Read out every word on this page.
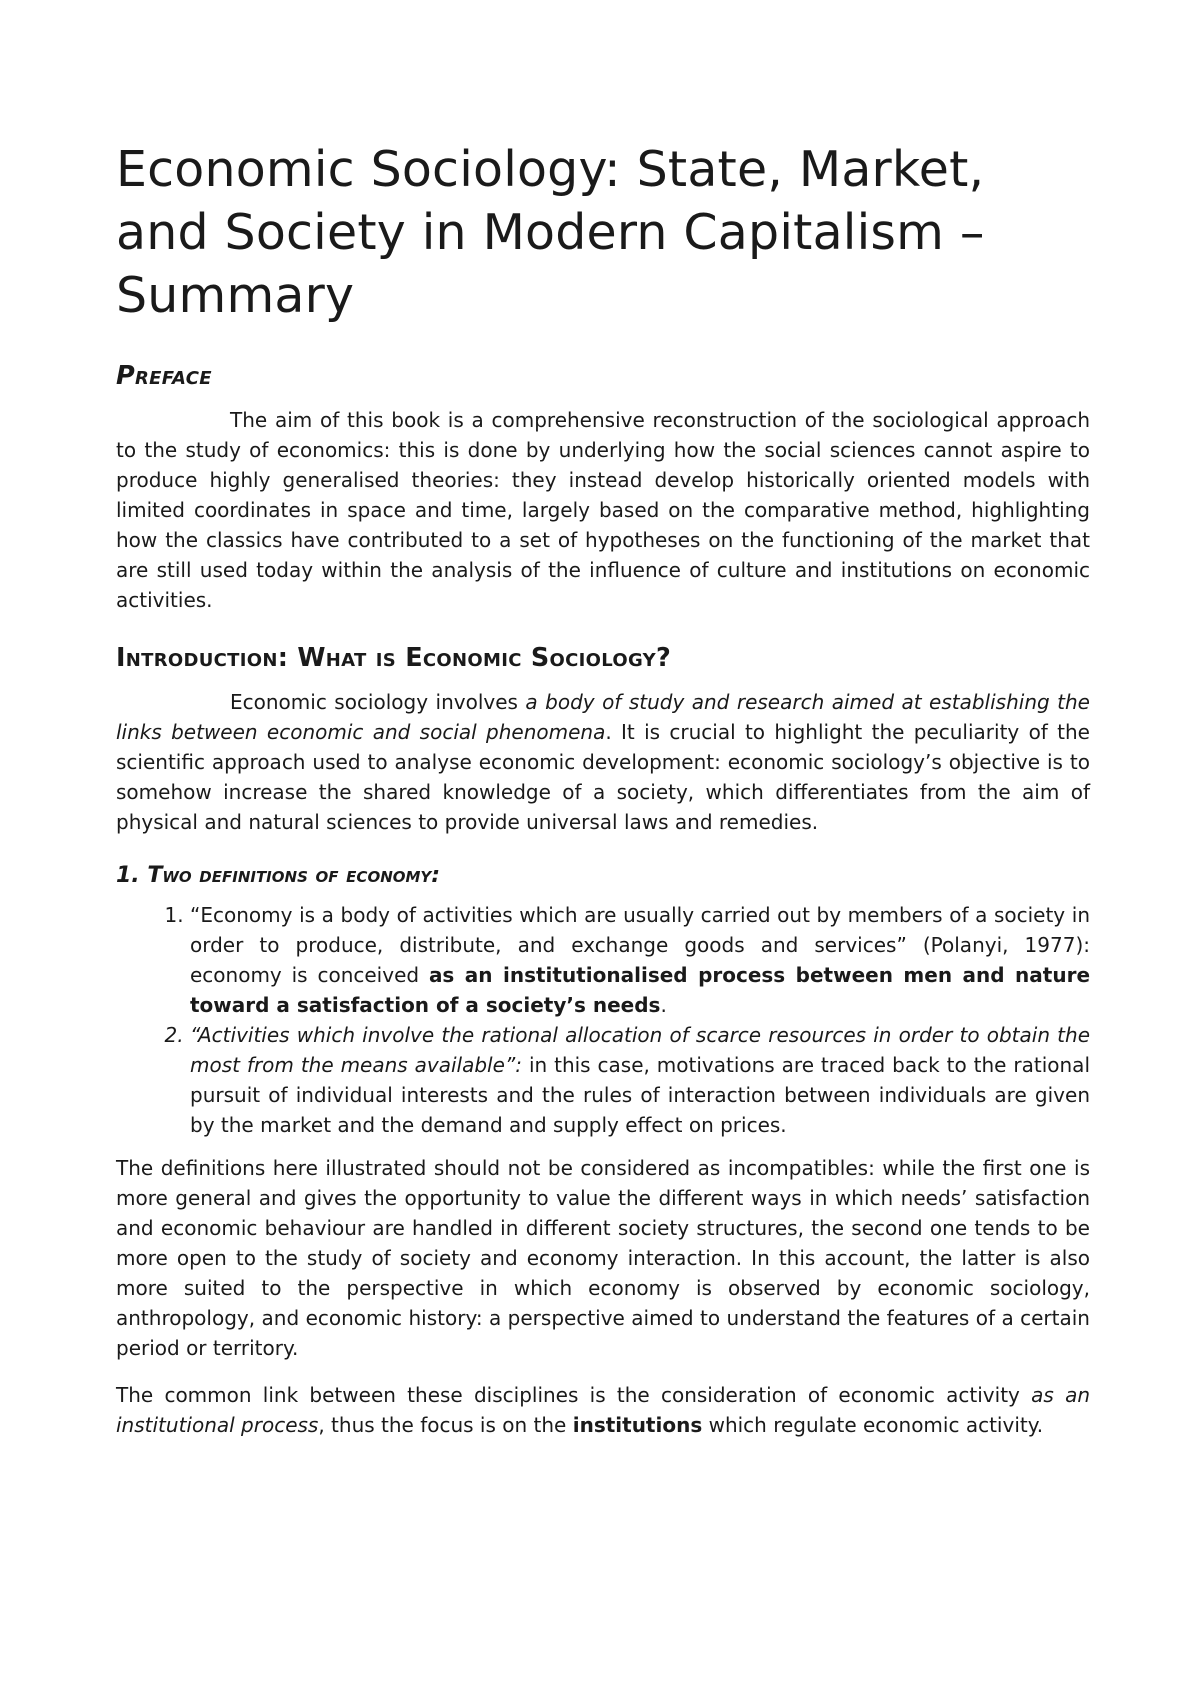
Economic Sociology: State, Market, and Society in Modern Capitalism – Summary
Preface

The aim of this book is a comprehensive reconstruction of the sociological approach to the study of economics: this is done by underlying how the social sciences cannot aspire to produce highly generalised theories: they instead develop historically oriented models with limited coordinates in space and time, largely based on the comparative method, highlighting how the classics have contributed to a set of hypotheses on the functioning of the market that are still used today within the analysis of the influence of culture and institutions on economic activities.

Introduction: What is Economic Sociology?

Economic sociology involves a body of study and research aimed at establishing the links between economic and social phenomena. It is crucial to highlight the peculiarity of the scientific approach used to analyse economic development: economic sociology’s objective is to somehow increase the shared knowledge of a society, which differentiates from the aim of physical and natural sciences to provide universal laws and remedies.

1. Two definitions of economy:
1. “Economy is a body of activities which are usually carried out by members of a society in order to produce, distribute, and exchange goods and services” (Polanyi, 1977): economy is conceived as an institutionalised process between men and nature toward a satisfaction of a society’s needs.
2. “Activities which involve the rational allocation of scarce resources in order to obtain the most from the means available”: in this case, motivations are traced back to the rational pursuit of individual interests and the rules of interaction between individuals are given by the market and the demand and supply effect on prices.

The definitions here illustrated should not be considered as incompatibles: while the first one is more general and gives the opportunity to value the different ways in which needs’ satisfaction and economic behaviour are handled in different society structures, the second one tends to be more open to the study of society and economy interaction. In this account, the latter is also more suited to the perspective in which economy is observed by economic sociology, anthropology, and economic history: a perspective aimed to understand the features of a certain period or territory.

The common link between these disciplines is the consideration of economic activity as an institutional process, thus the focus is on the institutions which regulate economic activity.
